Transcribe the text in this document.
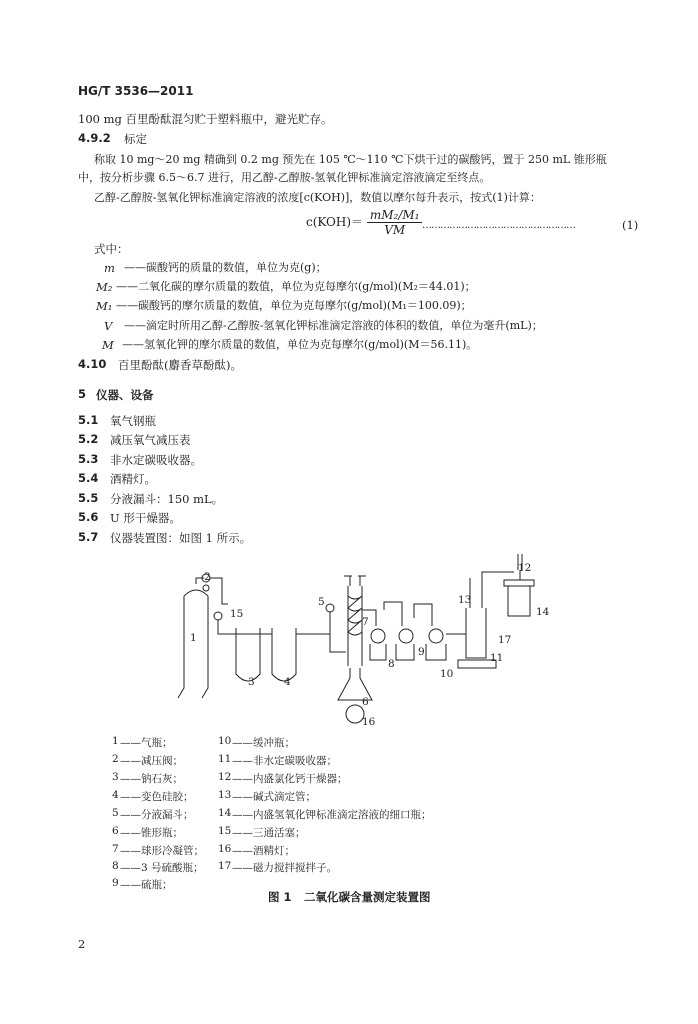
HG/T 3536—2011
100 mg 百里酚酞混匀贮于塑料瓶中，避光贮存。
4.9.2 标定
称取 10 mg～20 mg 精确到 0.2 mg 预先在 105 ℃～110 ℃下烘干过的碳酸钙，置于 250 mL 锥形瓶
中，按分析步骤 6.5～6.7 进行，用乙醇-乙醇胺-氢氧化钾标准滴定溶液滴定至终点。
乙醇-乙醇胺-氢氧化钾标准滴定溶液的浓度[c(KOH)]，数值以摩尔每升表示，按式(1)计算：
$c(KOH)= \frac{\text{mM₂/M₁}}{VM}$ ……………………………………………	(1)
式中：
m ——碳酸钙的质量的数值，单位为克(g)；
M₂ ——二氧化碳的摩尔质量的数值，单位为克每摩尔(g/mol)(M₂＝44.01)；
M₁ ——碳酸钙的摩尔质量的数值，单位为克每摩尔(g/mol)(M₁＝100.09)；
V ——滴定时所用乙醇-乙醇胺-氢氧化钾标准滴定溶液的体积的数值，单位为毫升(mL)；
M ——氢氧化钾的摩尔质量的数值，单位为克每摩尔(g/mol)(M＝56.11)。
4.10 百里酚酞(麝香草酚酞)。
5 仪器、设备
5.1 氧气钢瓶
5.2 减压氧气减压表
5.3 非水定碳吸收器。
5.4 酒精灯。
5.5 分液漏斗：150 mL。
5.6 U 形干燥器。
5.7 仪器装置图：如图 1 所示。
2
1
15
3	4
5
6
7
8
9
10
11
12
13
14
16
17
1 ——气瓶；
2 ——减压阀；
3 ——钠石灰；
4 ——变色硅胶；
5 ——分液漏斗；
6 ——锥形瓶；
7 ——球形冷凝管；
8 ——3 号硫酸瓶；
9 ——硫瓶；
10 ——缓冲瓶；
11 ——非水定碳吸收器；
12 ——内盛氯化钙干燥器；
13 ——碱式滴定管；
14 ——内盛氢氧化钾标准滴定溶液的细口瓶；
15 ——三通活塞；
16 ——酒精灯；
17 ——磁力搅拌搅拌子。
图 1 二氧化碳含量测定装置图
2
